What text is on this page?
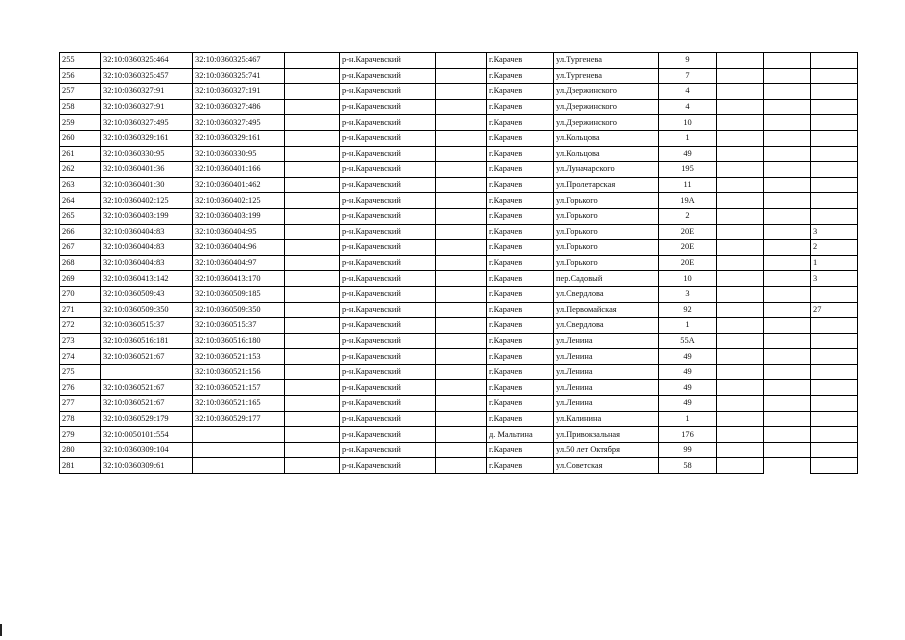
255	32:10:0360325:464	32:10:0360325:467		р-н.Карачевский		г.Карачев	ул.Тургенева	9			
256	32:10:0360325:457	32:10:0360325:741		р-н.Карачевский		г.Карачев	ул.Тургенева	7			
257	32:10:0360327:91	32:10:0360327:191		р-н.Карачевский		г.Карачев	ул.Дзержинского	4			
258	32:10:0360327:91	32:10:0360327:486		р-н.Карачевский		г.Карачев	ул.Дзержинского	4			
259	32:10:0360327:495	32:10:0360327:495		р-н.Карачевский		г.Карачев	ул.Дзержинского	10			
260	32:10:0360329:161	32:10:0360329:161		р-н.Карачевский		г.Карачев	ул.Кольцова	1			
261	32:10:0360330:95	32:10:0360330:95		р-н.Карачевский		г.Карачев	ул.Кольцова	49			
262	32:10:0360401:36	32:10:0360401:166		р-н.Карачевский		г.Карачев	ул.Луначарского	195			
263	32:10:0360401:30	32:10:0360401:462		р-н.Карачевский		г.Карачев	ул.Пролетарская	11			
264	32:10:0360402:125	32:10:0360402:125		р-н.Карачевский		г.Карачев	ул.Горького	19А			
265	32:10:0360403:199	32:10:0360403:199		р-н.Карачевский		г.Карачев	ул.Горького	2			
266	32:10:0360404:83	32:10:0360404:95		р-н.Карачевский		г.Карачев	ул.Горького	20Е			3
267	32:10:0360404:83	32:10:0360404:96		р-н.Карачевский		г.Карачев	ул.Горького	20Е			2
268	32:10:0360404:83	32:10:0360404:97		р-н.Карачевский		г.Карачев	ул.Горького	20Е			1
269	32:10:0360413:142	32:10:0360413:170		р-н.Карачевский		г.Карачев	пер.Садовый	10			3
270	32:10:0360509:43	32:10:0360509:185		р-н.Карачевский		г.Карачев	ул.Свердлова	3			
271	32:10:0360509:350	32:10:0360509:350		р-н.Карачевский		г.Карачев	ул.Первомайская	92			27
272	32:10:0360515:37	32:10:0360515:37		р-н.Карачевский		г.Карачев	ул.Свердлова	1			
273	32:10:0360516:181	32:10:0360516:180		р-н.Карачевский		г.Карачев	ул.Ленина	55А			
274	32:10:0360521:67	32:10:0360521:153		р-н.Карачевский		г.Карачев	ул.Ленина	49			
275		32:10:0360521:156		р-н.Карачевский		г.Карачев	ул.Ленина	49			
276	32:10:0360521:67	32:10:0360521:157		р-н.Карачевский		г.Карачев	ул.Ленина	49			
277	32:10:0360521:67	32:10:0360521:165		р-н.Карачевский		г.Карачев	ул.Ленина	49			
278	32:10:0360529:179	32:10:0360529:177		р-н.Карачевский		г.Карачев	ул.Калинина	1			
279	32:10:0050101:554			р-н.Карачевский		д. Мальтина	ул.Привокзальная	176			
280	32:10:0360309:104			р-н.Карачевский		г.Карачев	ул.50 лет Октября	99			
281	32:10:0360309:61			р-н.Карачевский		г.Карачев	ул.Советская	58			
